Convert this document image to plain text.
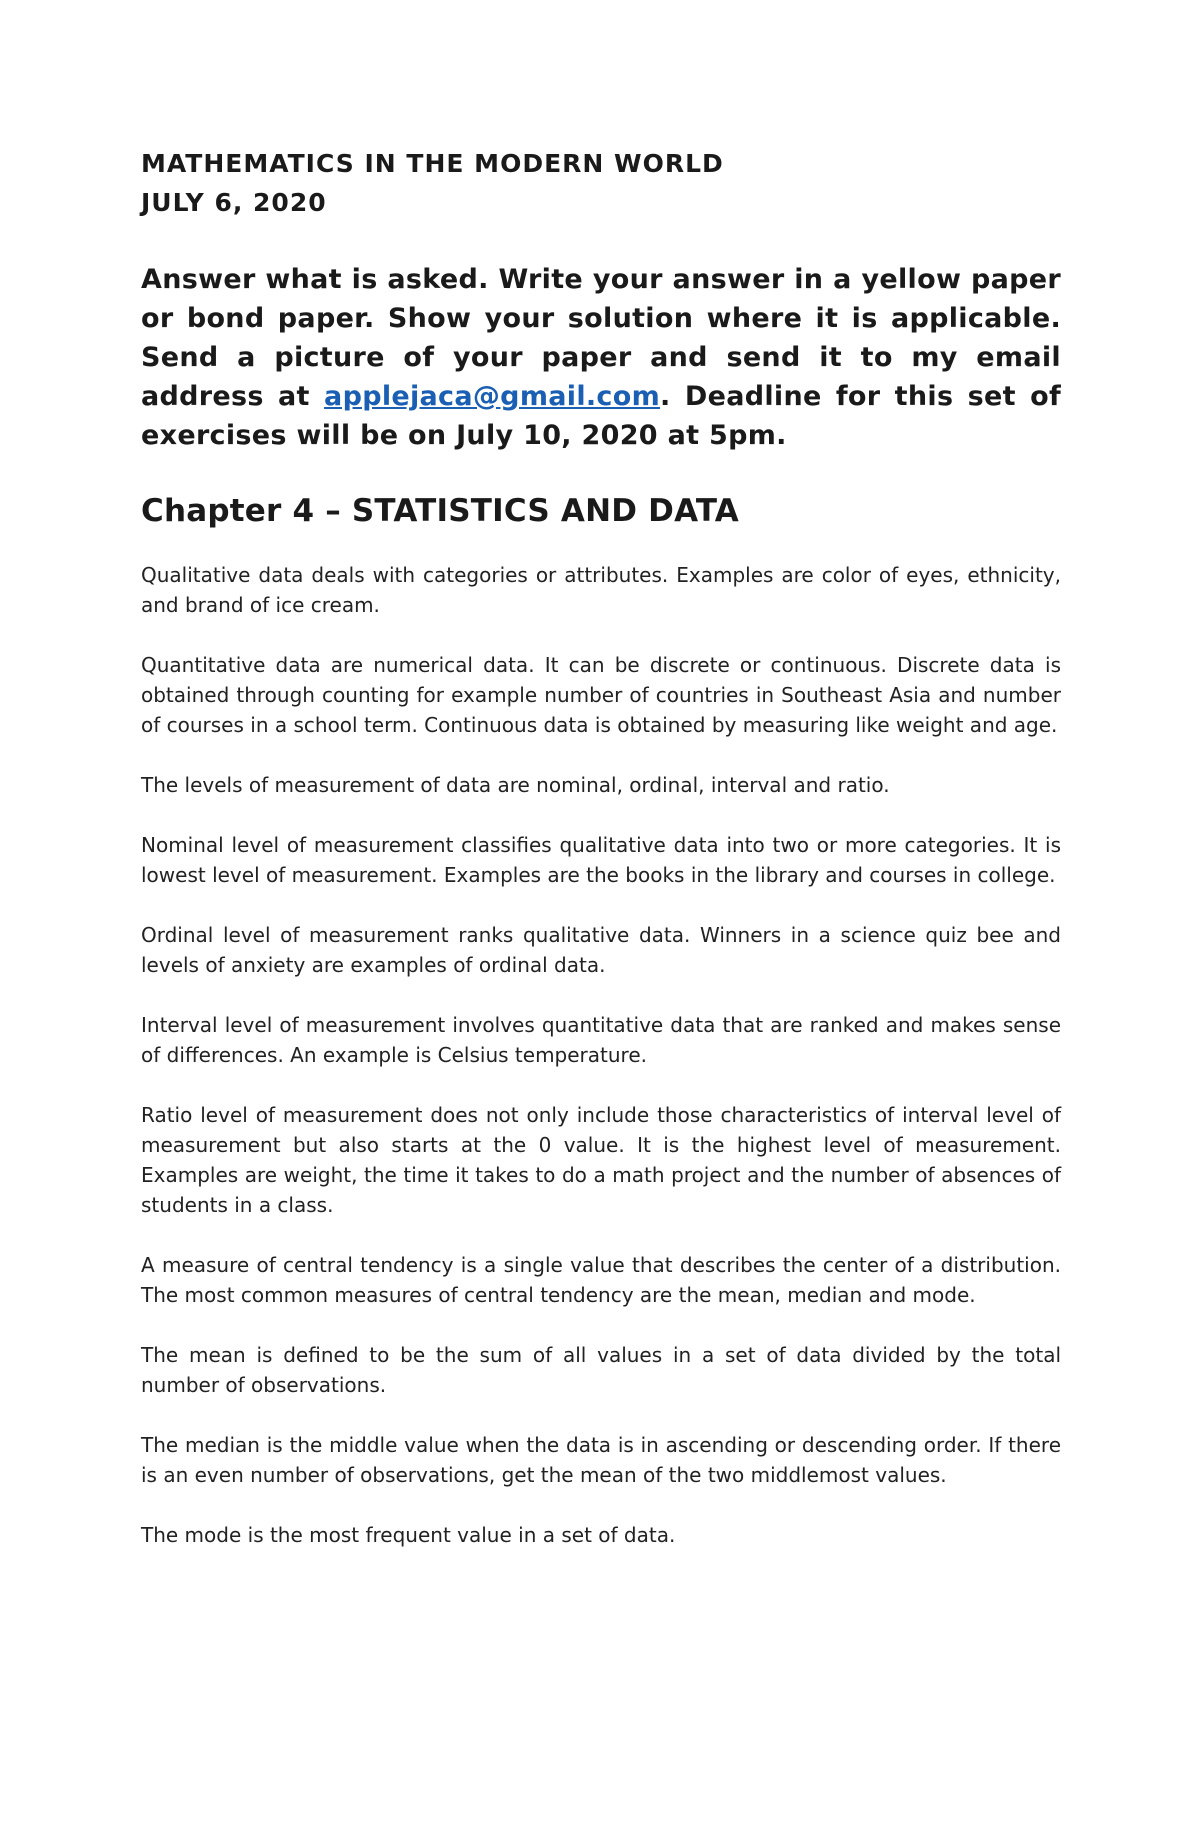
MATHEMATICS IN THE MODERN WORLD

JULY 6, 2020

Answer what is asked. Write your answer in a yellow paper or bond paper. Show your solution where it is applicable. Send a picture of your paper and send it to my email address at applejaca@gmail.com. Deadline for this set of exercises will be on July 10, 2020 at 5pm.
Chapter 4 – STATISTICS AND DATA

Qualitative data deals with categories or attributes. Examples are color of eyes, ethnicity, and brand of ice cream.

Quantitative data are numerical data. It can be discrete or continuous. Discrete data is obtained through counting for example number of countries in Southeast Asia and number of courses in a school term. Continuous data is obtained by measuring like weight and age.

The levels of measurement of data are nominal, ordinal, interval and ratio.

Nominal level of measurement classifies qualitative data into two or more categories. It is lowest level of measurement. Examples are the books in the library and courses in college.

Ordinal level of measurement ranks qualitative data. Winners in a science quiz bee and levels of anxiety are examples of ordinal data.

Interval level of measurement involves quantitative data that are ranked and makes sense of differences. An example is Celsius temperature.

Ratio level of measurement does not only include those characteristics of interval level of measurement but also starts at the 0 value. It is the highest level of measurement. Examples are weight, the time it takes to do a math project and the number of absences of students in a class.

A measure of central tendency is a single value that describes the center of a distribution. The most common measures of central tendency are the mean, median and mode.

The mean is defined to be the sum of all values in a set of data divided by the total number of observations.

The median is the middle value when the data is in ascending or descending order. If there is an even number of observations, get the mean of the two middlemost values.

The mode is the most frequent value in a set of data.
